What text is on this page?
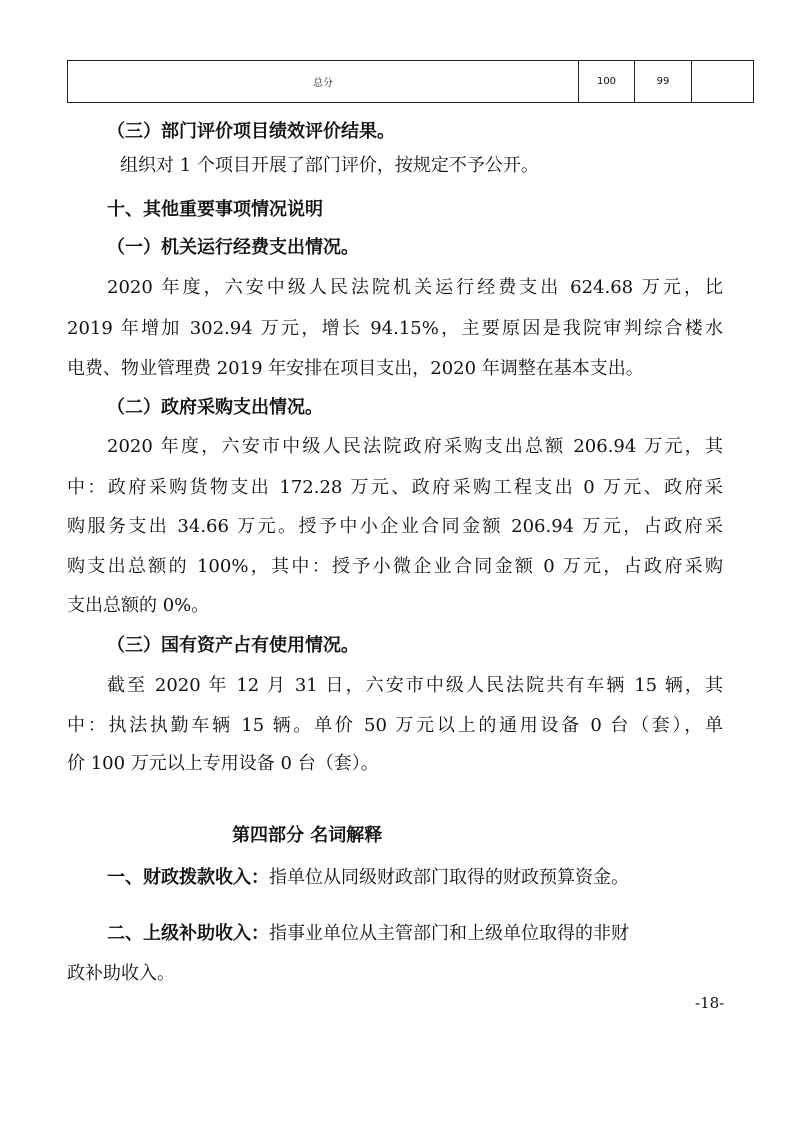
总分	100	99	

（三）部门评价项目绩效评价结果。

组织对 1 个项目开展了部门评价，按规定不予公开。

十、其他重要事项情况说明

（一）机关运行经费支出情况。

2020 年度，六安中级人民法院机关运行经费支出 624.68 万元，比

2019 年增加 302.94 万元，增长 94.15%，主要原因是我院审判综合楼水

电费、物业管理费 2019 年安排在项目支出，2020 年调整在基本支出。

（二）政府采购支出情况。

2020 年度，六安市中级人民法院政府采购支出总额 206.94 万元，其

中：政府采购货物支出 172.28 万元、政府采购工程支出 0 万元、政府采

购服务支出 34.66 万元。授予中小企业合同金额 206.94 万元，占政府采

购支出总额的 100%，其中：授予小微企业合同金额 0 万元，占政府采购

支出总额的 0%。

（三）国有资产占有使用情况。

截至 2020 年 12 月 31 日，六安市中级人民法院共有车辆 15 辆，其

中：执法执勤车辆 15 辆。单价 50 万元以上的通用设备 0 台（套），单

价 100 万元以上专用设备 0 台（套）。

第四部分 名词解释

一、财政拨款收入：指单位从同级财政部门取得的财政预算资金。

二、上级补助收入：指事业单位从主管部门和上级单位取得的非财

政补助收入。

-18-
